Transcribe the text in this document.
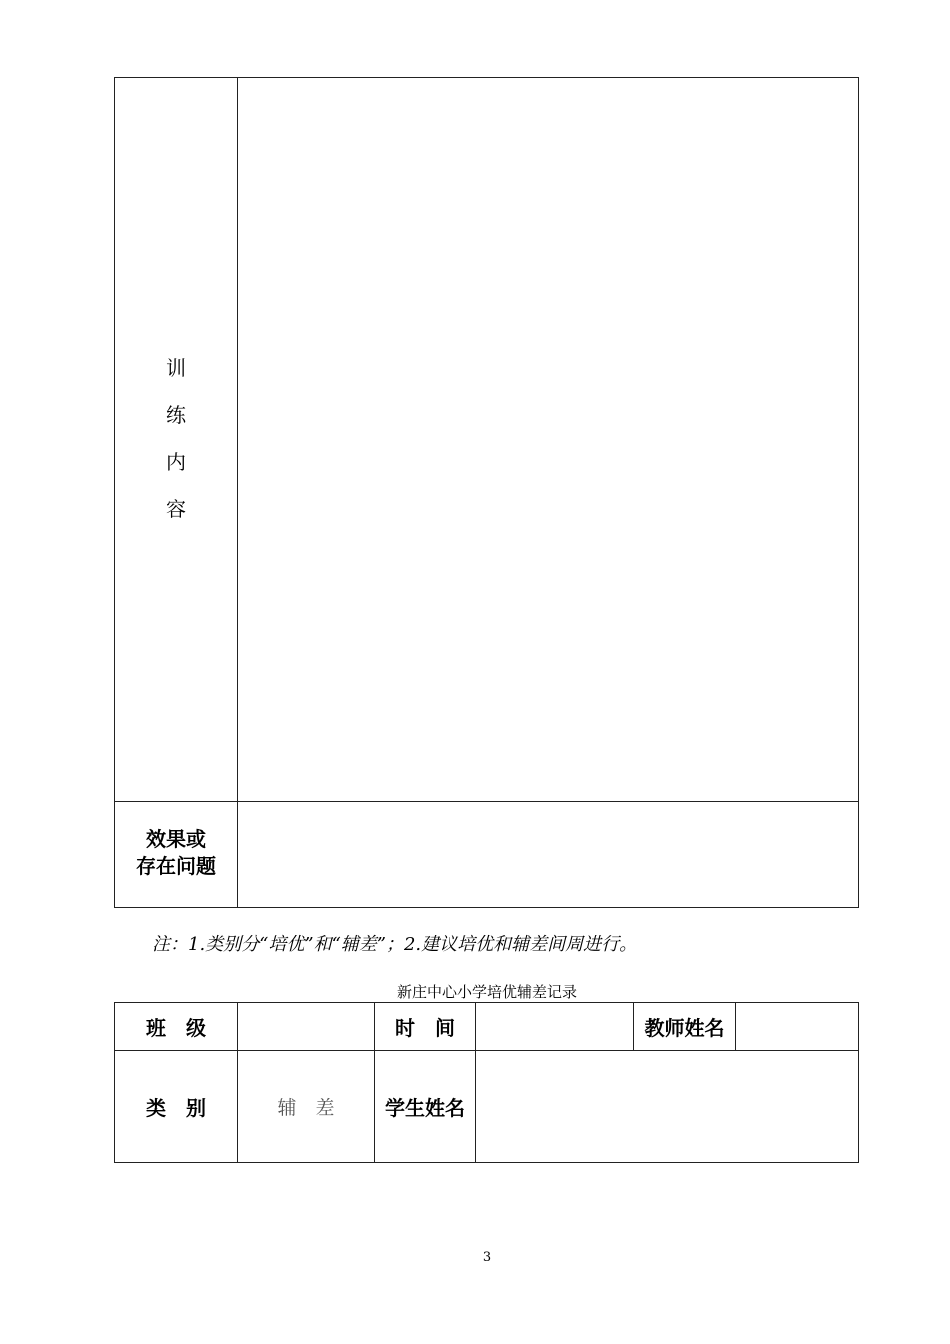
训
练
内
容
效果或
存在问题
注：1.类别分“培优”和“辅差”；2.建议培优和辅差间周进行。
新庄中心小学培优辅差记录
班　级	时　间	教师姓名
类　别	辅　差	学生姓名
3
